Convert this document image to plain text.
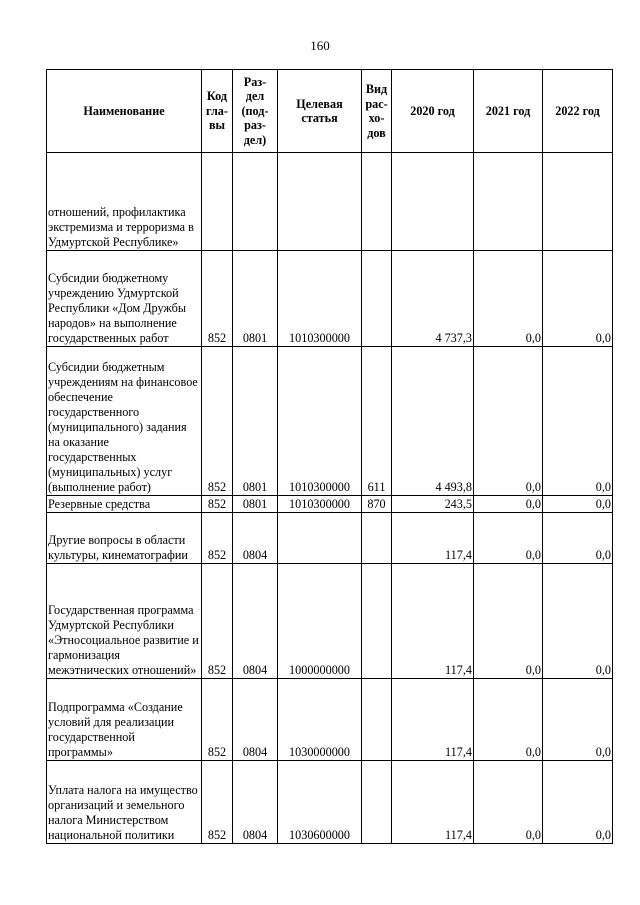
160
Наименование	Код гла- вы	Раз- дел (под- раз- дел)	Целевая статья	Вид рас- хо- дов	2020 год	2021 год	2022 год
отношений, профилактика экстремизма и терроризма в Удмуртской Республике»							
Субсидии бюджетному учреждению Удмуртской Республики «Дом Дружбы народов» на выполнение государственных работ	852	0801	1010300000		4 737,3	0,0	0,0
Субсидии бюджетным учреждениям на финансовое обеспечение государственного (муниципального) задания на оказание государственных (муниципальных) услуг (выполнение работ)	852	0801	1010300000	611	4 493,8	0,0	0,0
Резервные средства	852	0801	1010300000	870	243,5	0,0	0,0
Другие вопросы в области культуры, кинематографии	852	0804			117,4	0,0	0,0
Государственная программа Удмуртской Республики «Этносоциальное развитие и гармонизация межэтнических отношений»	852	0804	1000000000		117,4	0,0	0,0
Подпрограмма «Создание условий для реализации государственной программы»	852	0804	1030000000		117,4	0,0	0,0
Уплата налога на имущество организаций и земельного налога Министерством национальной политики	852	0804	1030600000		117,4	0,0	0,0
